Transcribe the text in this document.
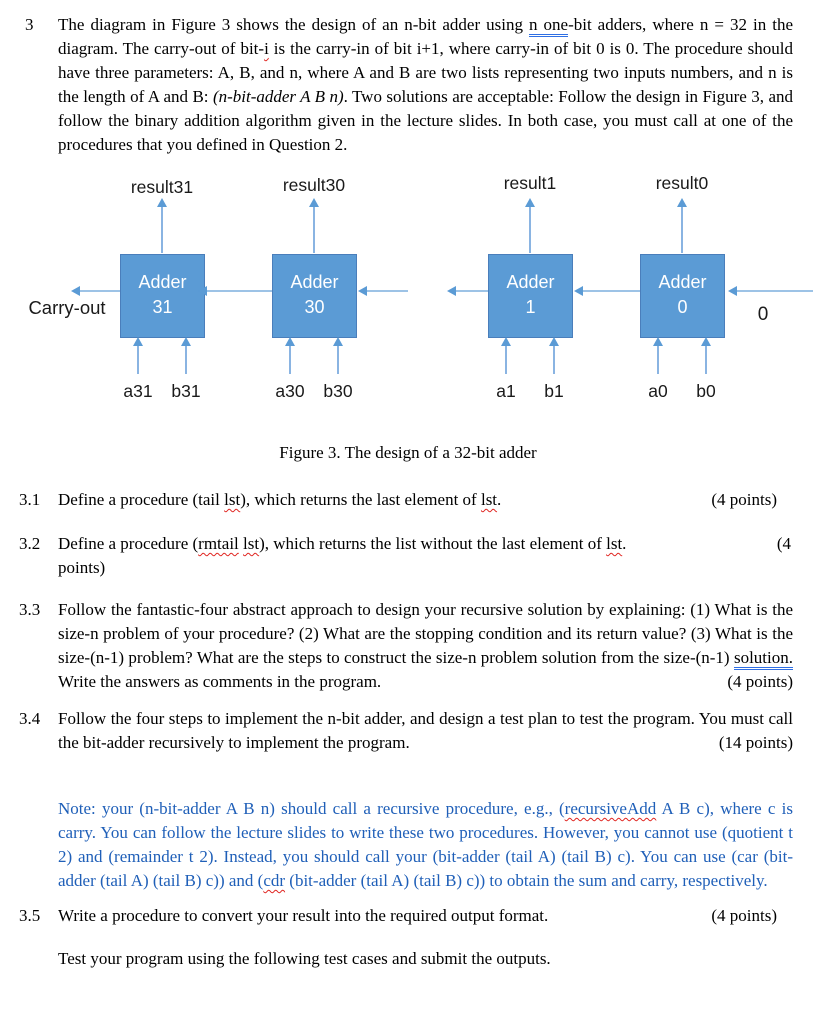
3	The diagram in Figure 3 shows the design of an n-bit adder using n one-bit adders, where n = 32 in the diagram. The carry-out of bit-i is the carry-in of bit i+1, where carry-in of bit 0 is 0. The procedure should have three parameters: A, B, and n, where A and B are two lists representing two inputs numbers, and n is the length of A and B: (n-bit-adder A B n). Two solutions are acceptable: Follow the design in Figure 3, and follow the binary addition algorithm given in the lecture slides. In both case, you must call at one of the procedures that you defined in Question 2.
result31	result30	result1	result0
Adder
31
Adder
30
Adder
1
Adder
0
Carry-out	0
a31	b31	a30	b30	a1	b1	a0	b0
Figure 3. The design of a 32-bit adder
3.1	Define a procedure (tail lst), which returns the last element of lst.	(4 points)
3.2	Define a procedure (rmtail lst), which returns the list without the last element of lst.	(4
points)
3.3	Follow the fantastic-four abstract approach to design your recursive solution by explaining: (1) What is the size-n problem of your procedure? (2) What are the stopping condition and its return value? (3) What is the size-(n-1) problem? What are the steps to construct the size-n problem solution from the size-(n-1) solution. Write the answers as comments in the program.	(4 points)
3.4	Follow the four steps to implement the n-bit adder, and design a test plan to test the program. You must call the bit-adder recursively to implement the program.	(14 points)
Note: your (n-bit-adder A B n) should call a recursive procedure, e.g., (recursiveAdd A B c), where c is carry. You can follow the lecture slides to write these two procedures. However, you cannot use (quotient t 2) and (remainder t 2). Instead, you should call your (bit-adder (tail A) (tail B) c). You can use (car (bit-adder (tail A) (tail B) c)) and (cdr (bit-adder (tail A) (tail B) c)) to obtain the sum and carry, respectively.
3.5	Write a procedure to convert your result into the required output format.	(4 points)
Test your program using the following test cases and submit the outputs.
